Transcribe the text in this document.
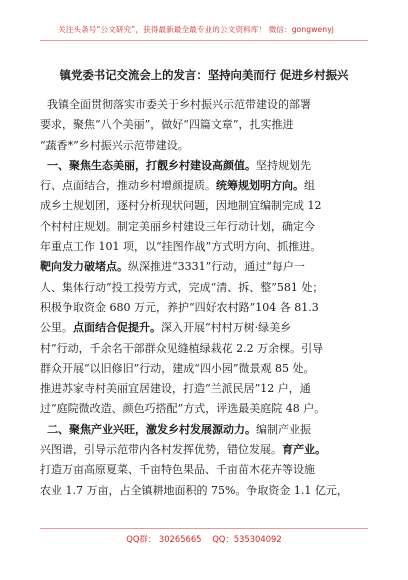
关注头条号“公文研究”，获得最新最全最专业的公文资料库！ 微信：gongwenyj
镇党委书记交流会上的发言：坚持向美而行 促进乡村振兴
我镇全面贯彻落实市委关于乡村振兴示范带建设的部署
要求，聚焦“八个美丽”，做好“四篇文章”，扎实推进
“蔬香*”乡村振兴示范带建设。
一、聚焦生态美丽，打靓乡村建设高颜值。坚持规划先
行、点面结合，推动乡村增颜提质。统筹规划明方向。组
成乡土规划团，逐村分析现状问题，因地制宜编制完成 12
个村村庄规划。制定美丽乡村建设三年行动计划，确定今
年重点工作 101 项，以“挂图作战”方式明方向、抓推进。
靶向发力破堵点。纵深推进“3331”行动，通过“每户一
人、集体行动”投工投劳方式，完成“清、拆、整”581 处；
积极争取资金 680 万元，养护“四好农村路”104 各 81.3
公里。点面结合促提升。深入开展“村村万树·绿美乡
村”行动，千余名干部群众见缝植绿栽花 2.2 万余棵。引导
群众开展“以旧修旧”行动，建成“四小园”微景观 85 处。
推进苏家寺村美丽宜居建设，打造“兰派民居”12 户，通
过“庭院微改造、颜色巧搭配”方式，评选最美庭院 48 户。
二、聚焦产业兴旺，激发乡村发展源动力。编制产业振
兴图谱，引导示范带内各村发挥优势，错位发展。育产业。
打造万亩高原夏菜、千亩特色果品、千亩苗木花卉等设施
农业 1.7 万亩，占全镇耕地面积的 75%。争取资金 1.1 亿元，
QQ群： 30265665 QQ：535304092
